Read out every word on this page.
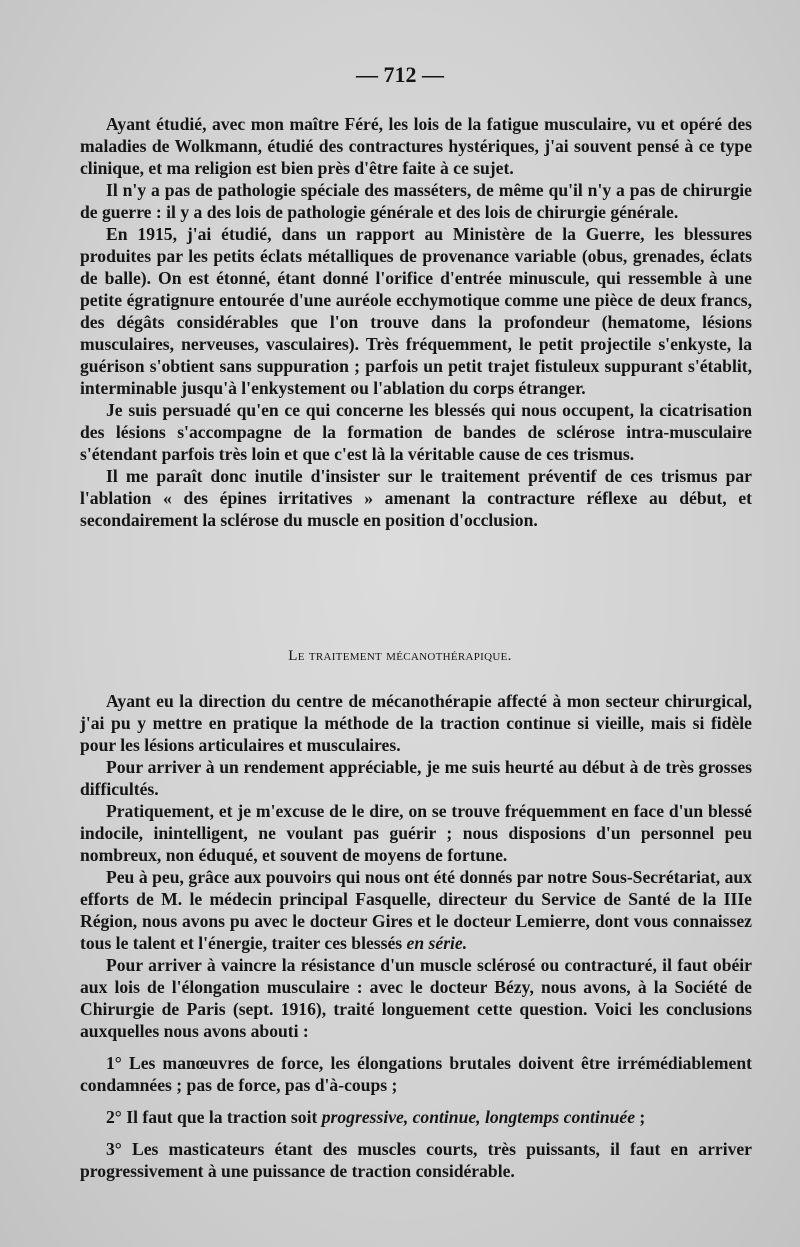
— 712 —

Ayant étudié, avec mon maître Féré, les lois de la fatigue musculaire, vu et opéré des maladies de Wolkmann, étudié des contractures hystériques, j'ai souvent pensé à ce type clinique, et ma religion est bien près d'être faite à ce sujet.

Il n'y a pas de pathologie spéciale des masséters, de même qu'il n'y a pas de chirurgie de guerre : il y a des lois de pathologie générale et des lois de chirurgie générale.

En 1915, j'ai étudié, dans un rapport au Ministère de la Guerre, les blessures produites par les petits éclats métalliques de provenance variable (obus, grenades, éclats de balle). On est étonné, étant donné l'orifice d'entrée minuscule, qui ressemble à une petite égratignure entourée d'une auréole ecchymotique comme une pièce de deux francs, des dégâts considérables que l'on trouve dans la profondeur (hematome, lésions musculaires, nerveuses, vasculaires). Très fréquemment, le petit projectile s'enkyste, la guérison s'obtient sans suppuration ; parfois un petit trajet fistuleux suppurant s'établit, interminable jusqu'à l'enkystement ou l'ablation du corps étranger.

Je suis persuadé qu'en ce qui concerne les blessés qui nous occupent, la cicatrisation des lésions s'accompagne de la formation de bandes de sclérose intra-musculaire s'étendant parfois très loin et que c'est là la véritable cause de ces trismus.

Il me paraît donc inutile d'insister sur le traitement préventif de ces trismus par l'ablation « des épines irritatives » amenant la contracture réflexe au début, et secondairement la sclérose du muscle en position d'occlusion.

Le traitement mécanothérapique.

Ayant eu la direction du centre de mécanothérapie affecté à mon secteur chirurgical, j'ai pu y mettre en pratique la méthode de la traction continue si vieille, mais si fidèle pour les lésions articulaires et musculaires.

Pour arriver à un rendement appréciable, je me suis heurté au début à de très grosses difficultés.

Pratiquement, et je m'excuse de le dire, on se trouve fréquemment en face d'un blessé indocile, inintelligent, ne voulant pas guérir ; nous disposions d'un personnel peu nombreux, non éduqué, et souvent de moyens de fortune.

Peu à peu, grâce aux pouvoirs qui nous ont été donnés par notre Sous-Secrétariat, aux efforts de M. le médecin principal Fasquelle, directeur du Service de Santé de la IIIe Région, nous avons pu avec le docteur Gires et le docteur Lemierre, dont vous connaissez tous le talent et l'énergie, traiter ces blessés en série.

Pour arriver à vaincre la résistance d'un muscle sclérosé ou contracturé, il faut obéir aux lois de l'élongation musculaire : avec le docteur Bézy, nous avons, à la Société de Chirurgie de Paris (sept. 1916), traité longuement cette question. Voici les conclusions auxquelles nous avons abouti :

1° Les manœuvres de force, les élongations brutales doivent être irrémédiablement condamnées ; pas de force, pas d'à-coups ;

2° Il faut que la traction soit progressive, continue, longtemps continuée ;

3° Les masticateurs étant des muscles courts, très puissants, il faut en arriver progressivement à une puissance de traction considérable.
